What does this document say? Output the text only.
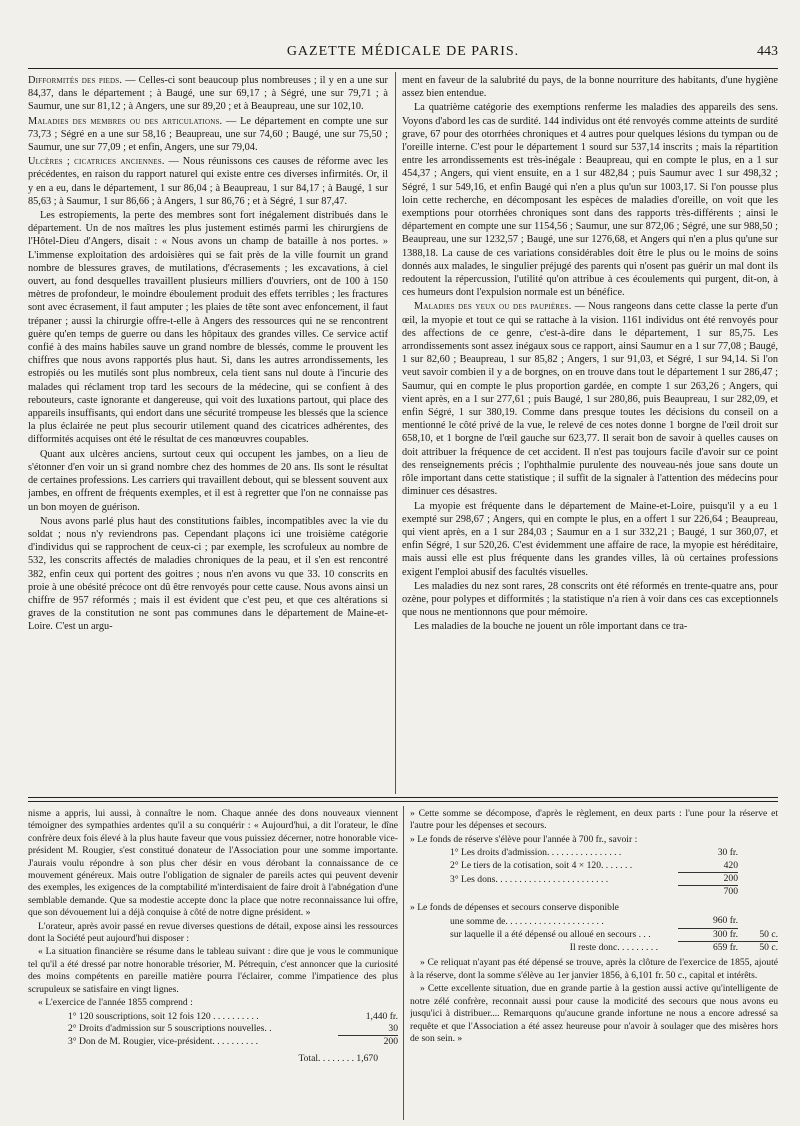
GAZETTE MÉDICALE DE PARIS.	443

Difformités des pieds. — Celles-ci sont beaucoup plus nombreuses ; il y en a une sur 84,37, dans le département ; à Baugé, une sur 69,17 ; à Ségré, une sur 79,71 ; à Saumur, une sur 81,12 ; à Angers, une sur 89,20 ; et à Beaupreau, une sur 102,10.

Maladies des membres ou des articulations. — Le département en compte une sur 73,73 ; Ségré en a une sur 58,16 ; Beaupreau, une sur 74,60 ; Baugé, une sur 75,50 ; Saumur, une sur 77,09 ; et enfin, Angers, une sur 79,04.

Ulcères ; cicatrices anciennes. — Nous réunissons ces causes de réforme avec les précédentes, en raison du rapport naturel qui existe entre ces diverses infirmités. Or, il y en a eu, dans le département, 1 sur 86,04 ; à Beaupreau, 1 sur 84,17 ; à Baugé, 1 sur 85,63 ; à Saumur, 1 sur 86,66 ; à Angers, 1 sur 86,76 ; et à Ségré, 1 sur 87,47.

Les estropiements, la perte des membres sont fort inégalement distribués dans le département. Un de nos maîtres les plus justement estimés parmi les chirurgiens de l'Hôtel-Dieu d'Angers, disait : « Nous avons un champ de bataille à nos portes. » L'immense exploitation des ardoisières qui se fait près de la ville fournit un grand nombre de blessures graves, de mutilations, d'écrasements ; les excavations, à ciel ouvert, au fond desquelles travaillent plusieurs milliers d'ouvriers, ont de 100 à 150 mètres de profondeur, le moindre éboulement produit des effets terribles ; les fractures sont avec écrasement, il faut amputer ; les plaies de tête sont avec enfoncement, il faut trépaner ; aussi la chirurgie offre-t-elle à Angers des ressources qui ne se rencontrent guère qu'en temps de guerre ou dans les hôpitaux des grandes villes. Ce service actif confié à des mains habiles sauve un grand nombre de blessés, comme le prouvent les chiffres que nous avons rapportés plus haut. Si, dans les autres arrondissements, les estropiés ou les mutilés sont plus nombreux, cela tient sans nul doute à l'incurie des malades qui réclament trop tard les secours de la médecine, qui se confient à des rebouteurs, caste ignorante et dangereuse, qui voit des luxations partout, qui place des appareils insuffisants, qui endort dans une sécurité trompeuse les blessés que la science la plus éclairée ne peut plus secourir utilement quand des cicatrices adhérentes, des difformités acquises ont été le résultat de ces manœuvres coupables.

Quant aux ulcères anciens, surtout ceux qui occupent les jambes, on a lieu de s'étonner d'en voir un si grand nombre chez des hommes de 20 ans. Ils sont le résultat de certaines professions. Les carriers qui travaillent debout, qui se blessent souvent aux jambes, en offrent de fréquents exemples, et il est à regretter que l'on ne connaisse pas un bon moyen de guérison.

Nous avons parlé plus haut des constitutions faibles, incompatibles avec la vie du soldat ; nous n'y reviendrons pas. Cependant plaçons ici une troisième catégorie d'individus qui se rapprochent de ceux-ci ; par exemple, les scrofuleux au nombre de 532, les conscrits affectés de maladies chroniques de la peau, et il s'en est rencontré 382, enfin ceux qui portent des goitres ; nous n'en avons vu que 33. 10 conscrits en proie à une obésité précoce ont dû être renvoyés pour cette cause. Nous avons ainsi un chiffre de 957 réformés ; mais il est évident que c'est peu, et que ces altérations si graves de la constitution ne sont pas communes dans le département de Maine-et-Loire. C'est un argu-

ment en faveur de la salubrité du pays, de la bonne nourriture des habitants, d'une hygiène assez bien entendue.

La quatrième catégorie des exemptions renferme les maladies des appareils des sens. Voyons d'abord les cas de surdité. 144 individus ont été renvoyés comme atteints de surdité grave, 67 pour des otorrhées chroniques et 4 autres pour quelques lésions du tympan ou de l'oreille interne. C'est pour le département 1 sourd sur 537,14 inscrits ; mais la répartition entre les arrondissements est très-inégale : Beaupreau, qui en compte le plus, en a 1 sur 454,37 ; Angers, qui vient ensuite, en a 1 sur 482,84 ; puis Saumur avec 1 sur 498,32 ; Ségré, 1 sur 549,16, et enfin Baugé qui n'en a plus qu'un sur 1003,17. Si l'on pousse plus loin cette recherche, en décomposant les espèces de maladies d'oreille, on voit que les exemptions pour otorrhées chroniques sont dans des rapports très-différents ; ainsi le département en compte une sur 1154,56 ; Saumur, une sur 872,06 ; Ségré, une sur 988,50 ; Beaupreau, une sur 1232,57 ; Baugé, une sur 1276,68, et Angers qui n'en a plus qu'une sur 1388,18. La cause de ces variations considérables doit être le plus ou le moins de soins donnés aux malades, le singulier préjugé des parents qui n'osent pas guérir un mal dont ils redoutent la répercussion, l'utilité qu'on attribue à ces écoulements qui purgent, dit-on, à ces humeurs dont l'expulsion normale est un bénéfice.

Maladies des yeux ou des paupières. — Nous rangeons dans cette classe la perte d'un œil, la myopie et tout ce qui se rattache à la vision. 1161 individus ont été renvoyés pour des affections de ce genre, c'est-à-dire dans le département, 1 sur 85,75. Les arrondissements sont assez inégaux sous ce rapport, ainsi Saumur en a 1 sur 77,08 ; Baugé, 1 sur 82,60 ; Beaupreau, 1 sur 85,82 ; Angers, 1 sur 91,03, et Ségré, 1 sur 94,14. Si l'on veut savoir combien il y a de borgnes, on en trouve dans tout le département 1 sur 286,47 ; Saumur, qui en compte le plus proportion gardée, en compte 1 sur 263,26 ; Angers, qui vient après, en a 1 sur 277,61 ; puis Baugé, 1 sur 280,86, puis Beaupreau, 1 sur 282,09, et enfin Ségré, 1 sur 380,19. Comme dans presque toutes les décisions du conseil on a mentionné le côté privé de la vue, le relevé de ces notes donne 1 borgne de l'œil droit sur 658,10, et 1 borgne de l'œil gauche sur 623,77. Il serait bon de savoir à quelles causes on doit attribuer la fréquence de cet accident. Il n'est pas toujours facile d'avoir sur ce point des renseignements précis ; l'ophthalmie purulente des nouveau-nés joue sans doute un rôle important dans cette statistique ; il suffit de la signaler à l'attention des médecins pour diminuer ces désastres.

La myopie est fréquente dans le département de Maine-et-Loire, puisqu'il y a eu 1 exempté sur 298,67 ; Angers, qui en compte le plus, en a offert 1 sur 226,64 ; Beaupreau, qui vient après, en a 1 sur 284,03 ; Saumur en a 1 sur 332,21 ; Baugé, 1 sur 360,07, et enfin Ségré, 1 sur 520,26. C'est évidemment une affaire de race, la myopie est héréditaire, mais aussi elle est plus fréquente dans les grandes villes, là où certaines professions exigent l'emploi abusif des facultés visuelles.

Les maladies du nez sont rares, 28 conscrits ont été réformés en trente-quatre ans, pour ozène, pour polypes et difformités ; la statistique n'a rien à voir dans ces cas exceptionnels que nous ne mentionnons que pour mémoire.

Les maladies de la bouche ne jouent un rôle important dans ce tra-

nisme a appris, lui aussi, à connaître le nom. Chaque année des dons nouveaux viennent témoigner des sympathies ardentes qu'il a su conquérir : « Aujourd'hui, a dit l'orateur, le dîne confrère deux fois élevé à la plus haute faveur que vous puissiez décerner, notre honorable vice-président M. Rougier, s'est constitué donateur de l'Association pour une somme importante. J'aurais voulu répondre à son plus cher désir en vous dérobant la connaissance de ce mouvement généreux. Mais outre l'obligation de signaler de pareils actes qui peuvent devenir des exemples, les exigences de la comptabilité m'interdisaient de faire droit à l'abnégation d'une semblable demande. Que sa modestie accepte donc la place que notre reconnaissance lui offre, que son dévouement lui a déjà conquise à côté de notre digne président. »

L'orateur, après avoir passé en revue diverses questions de détail, expose ainsi les ressources dont la Société peut aujourd'hui disposer :

« La situation financière se résume dans le tableau suivant : dire que je vous le communique tel qu'il a été dressé par notre honorable trésorier, M. Pétrequin, c'est annoncer que la curiosité des moins compétents en pareille matière pourra l'éclairer, comme l'impatience des plus scrupuleux se satisfaire en vingt lignes.

« L'exercice de l'année 1855 comprend :

1° 120 souscriptions, soit 12 fois 120 . . . . . . . . . .	1,440 fr.
2° Droits d'admission sur 5 souscriptions nouvelles. .	30
3° Don de M. Rougier, vice-président. . . . . . . . . .	200
Total. . . . . . . . 1,670	

» Cette somme se décompose, d'après le règlement, en deux parts : l'une pour la réserve et l'autre pour les dépenses et secours.

» Le fonds de réserve s'élève pour l'année à 700 fr., savoir :

1° Les droits d'admission. . . . . . . . . . . . . . . .	30 fr.	
2° Le tiers de la cotisation, soit 4 × 120. . . . . . .	420	
3° Les dons. . . . . . . . . . . . . . . . . . . . . . . .	200	
	700	

» Le fonds de dépenses et secours conserve disponible

une somme de. . . . . . . . . . . . . . . . . . . . .	960 fr.	
sur laquelle il a été dépensé ou alloué en secours . . .	300 fr.	50 c.
Il reste donc. . . . . . . . .	659 fr.	50 c.

» Ce reliquat n'ayant pas été dépensé se trouve, après la clôture de l'exercice de 1855, ajouté à la réserve, dont la somme s'élève au 1er janvier 1856, à 6,101 fr. 50 c., capital et intérêts.

» Cette excellente situation, due en grande partie à la gestion aussi active qu'intelligente de notre zélé confrère, reconnait aussi pour cause la modicité des secours que nous avons eu jusqu'ici à distribuer.... Remarquons qu'aucune grande infortune ne nous a encore adressé sa requête et que l'Association a été assez heureuse pour n'avoir à soulager que des misères hors de son sein. »
